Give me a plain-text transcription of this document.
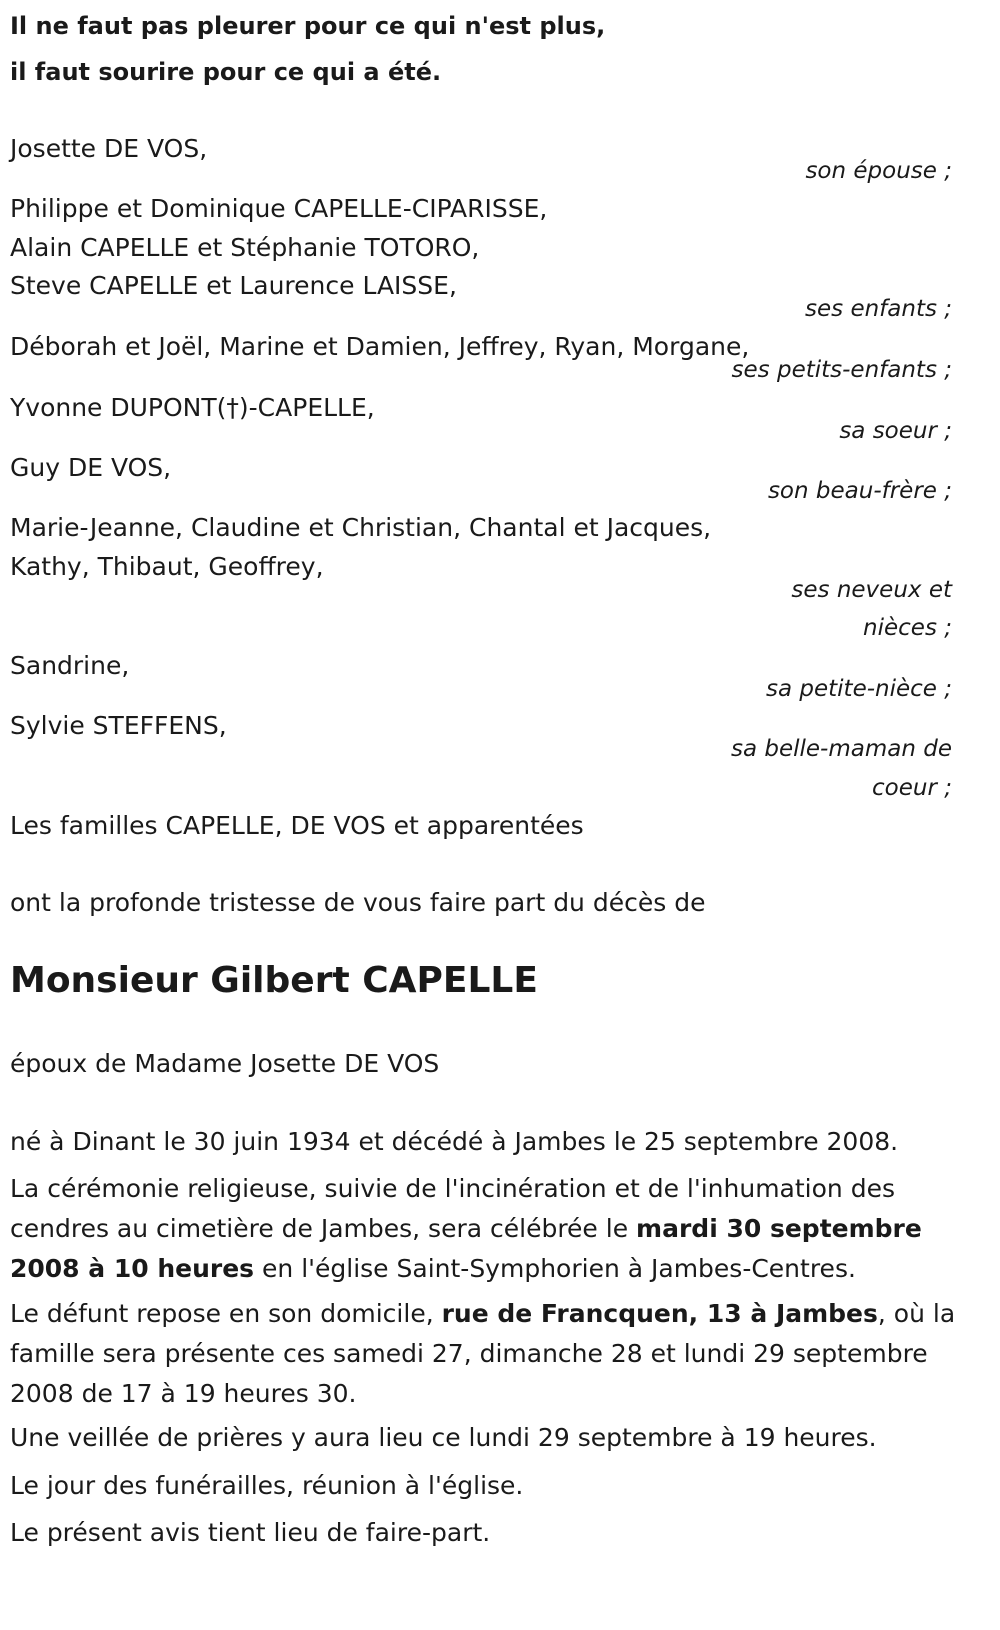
Il ne faut pas pleurer pour ce qui n'est plus,
il faut sourire pour ce qui a été.
Josette DE VOS,
son épouse ;
Philippe et Dominique CAPELLE-CIPARISSE,
Alain CAPELLE et Stéphanie TOTORO,
Steve CAPELLE et Laurence LAISSE,
ses enfants ;
Déborah et Joël, Marine et Damien, Jeffrey, Ryan, Morgane,
ses petits-enfants ;
Yvonne DUPONT(†)-CAPELLE,
sa soeur ;
Guy DE VOS,
son beau-frère ;
Marie-Jeanne, Claudine et Christian, Chantal et Jacques,
Kathy, Thibaut, Geoffrey,
ses neveux et
nièces ;
Sandrine,
sa petite-nièce ;
Sylvie STEFFENS,
sa belle-maman de
coeur ;
Les familles CAPELLE, DE VOS et apparentées
ont la profonde tristesse de vous faire part du décès de
Monsieur Gilbert CAPELLE
époux de Madame Josette DE VOS
né à Dinant le 30 juin 1934 et décédé à Jambes le 25 septembre 2008.
La cérémonie religieuse, suivie de l'incinération et de l'inhumation des cendres au cimetière de Jambes, sera célébrée le mardi 30 septembre 2008 à 10 heures en l'église Saint-Symphorien à Jambes-Centres.
Le défunt repose en son domicile, rue de Francquen, 13 à Jambes, où la famille sera présente ces samedi 27, dimanche 28 et lundi 29 septembre 2008 de 17 à 19 heures 30.
Une veillée de prières y aura lieu ce lundi 29 septembre à 19 heures.
Le jour des funérailles, réunion à l'église.
Le présent avis tient lieu de faire-part.
